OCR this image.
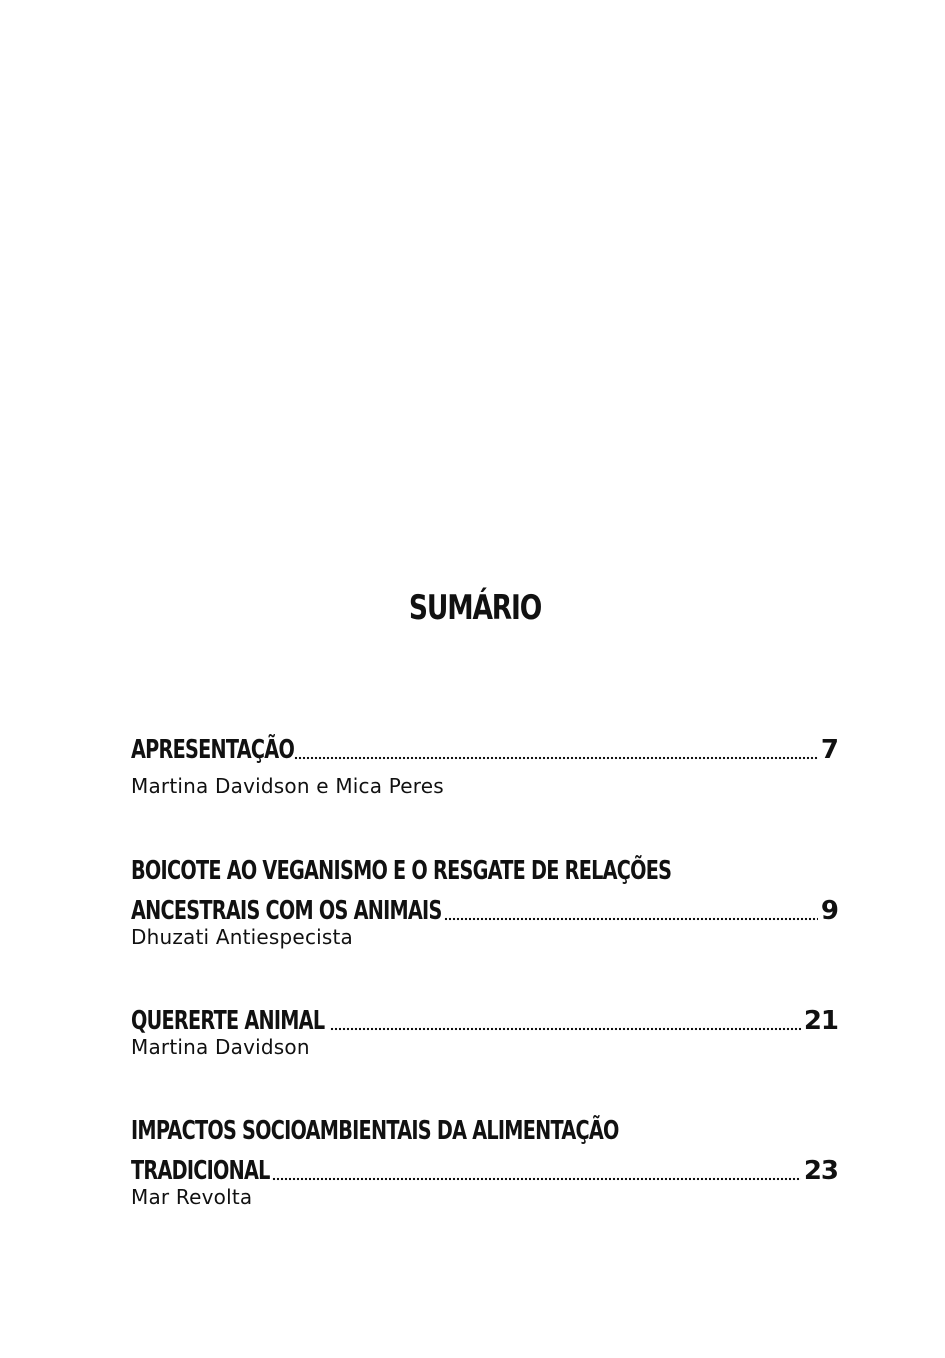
SUMÁRIO
APRESENTAÇÃO	7
Martina Davidson e Mica Peres
BOICOTE AO VEGANISMO E O RESGATE DE RELAÇÕES
ANCESTRAIS COM OS ANIMAIS	9
Dhuzati Antiespecista
QUERERTE ANIMAL	21
Martina Davidson
IMPACTOS SOCIOAMBIENTAIS DA ALIMENTAÇÃO
TRADICIONAL	23
Mar Revolta
